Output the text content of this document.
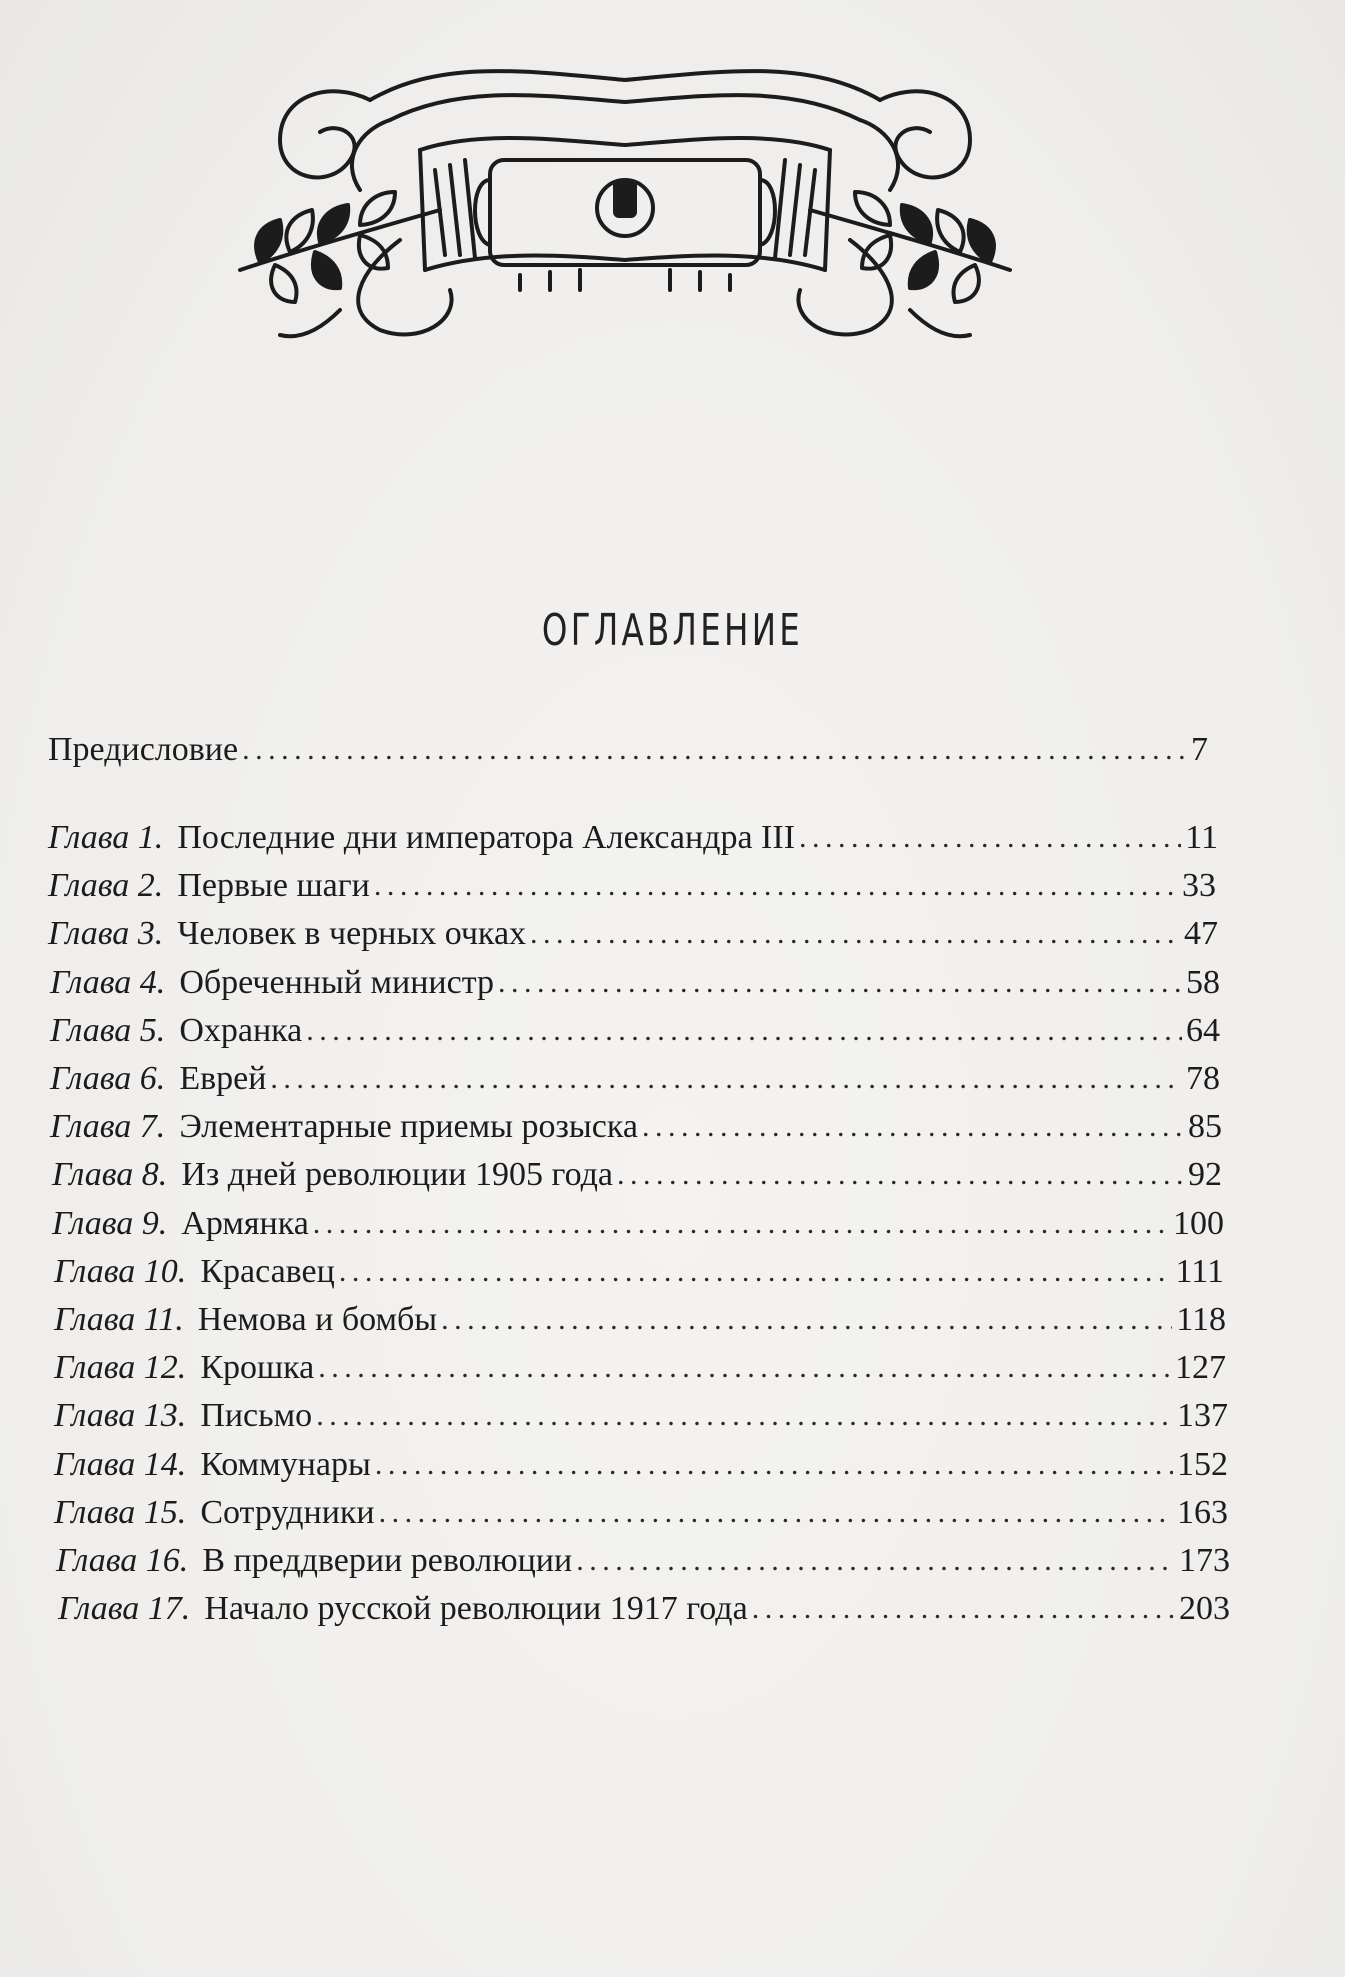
ОГЛАВЛЕНИЕ
Предисловие . . .	7
Глава 1. Последние дни императора Александра III . . .	11
Глава 2. Первые шаги . . .	33
Глава 3. Человек в черных очках . . .	47
Глава 4. Обреченный министр . . .	58
Глава 5. Охранка . . .	64
Глава 6. Еврей . . .	78
Глава 7. Элементарные приемы розыска . . .	85
Глава 8. Из дней революции 1905 года . . .	92
Глава 9. Армянка . . .	100
Глава 10. Красавец . . .	111
Глава 11. Немова и бомбы . . .	118
Глава 12. Крошка . . .	127
Глава 13. Письмо . . .	137
Глава 14. Коммунары . . .	152
Глава 15. Сотрудники . . .	163
Глава 16. В преддверии революции . . .	173
Глава 17. Начало русской революции 1917 года . . .	203
